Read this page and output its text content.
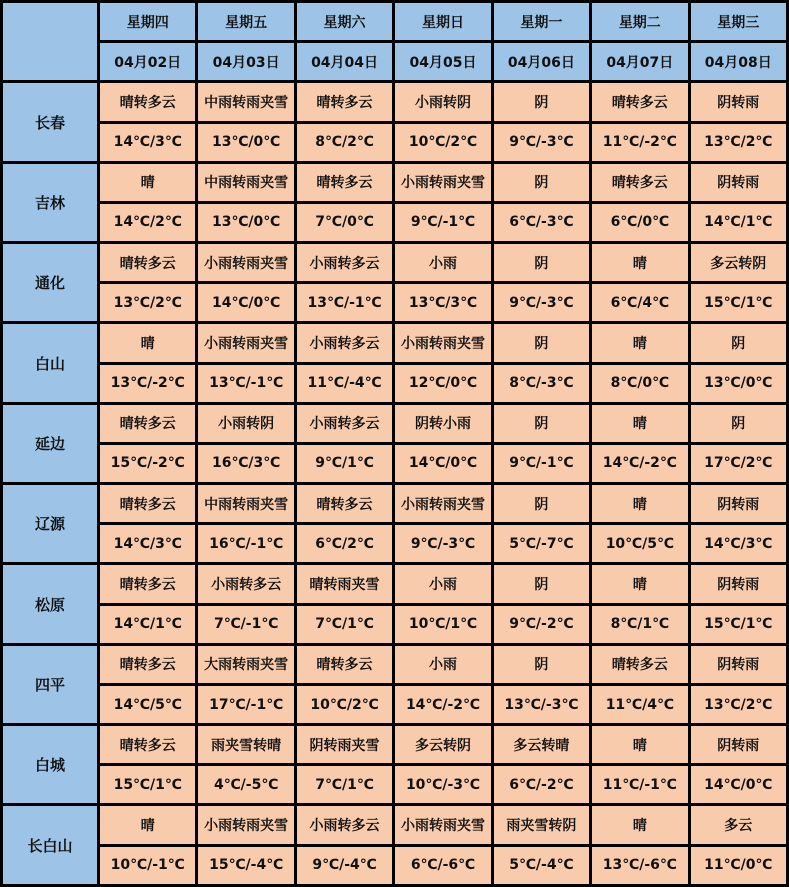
	星期四	星期五	星期六	星期日	星期一	星期二	星期三
	04月02日	04月03日	04月04日	04月05日	04月06日	04月07日	04月08日
长春	晴转多云	中雨转雨夹雪	晴转多云	小雨转阴	阴	晴转多云	阴转雨
	14℃/3℃	13℃/0℃	8℃/2℃	10℃/2℃	9℃/-3℃	11℃/-2℃	13℃/2℃
吉林	晴	中雨转雨夹雪	晴转多云	小雨转雨夹雪	阴	晴转多云	阴转雨
	14℃/2℃	13℃/0℃	7℃/0℃	9℃/-1℃	6℃/-3℃	6℃/0℃	14℃/1℃
通化	晴转多云	小雨转雨夹雪	小雨转多云	小雨	阴	晴	多云转阴
	13℃/2℃	14℃/0℃	13℃/-1℃	13℃/3℃	9℃/-3℃	6℃/4℃	15℃/1℃
白山	晴	小雨转雨夹雪	小雨转多云	小雨转雨夹雪	阴	晴	阴
	13℃/-2℃	13℃/-1℃	11℃/-4℃	12℃/0℃	8℃/-3℃	8℃/0℃	13℃/0℃
延边	晴转多云	小雨转阴	小雨转多云	阴转小雨	阴	晴	阴
	15℃/-2℃	16℃/3℃	9℃/1℃	14℃/0℃	9℃/-1℃	14℃/-2℃	17℃/2℃
辽源	晴转多云	中雨转雨夹雪	晴转多云	小雨转雨夹雪	阴	晴	阴转雨
	14℃/3℃	16℃/-1℃	6℃/2℃	9℃/-3℃	5℃/-7℃	10℃/5℃	14℃/3℃
松原	晴转多云	小雨转多云	晴转雨夹雪	小雨	阴	晴	阴转雨
	14℃/1℃	7℃/-1℃	7℃/1℃	10℃/1℃	9℃/-2℃	8℃/1℃	15℃/1℃
四平	晴转多云	大雨转雨夹雪	晴转多云	小雨	阴	晴转多云	阴转雨
	14℃/5℃	17℃/-1℃	10℃/2℃	14℃/-2℃	13℃/-3℃	11℃/4℃	13℃/2℃
白城	晴转多云	雨夹雪转晴	阴转雨夹雪	多云转阴	多云转晴	晴	阴转雨
	15℃/1℃	4℃/-5℃	7℃/1℃	10℃/-3℃	6℃/-2℃	11℃/-1℃	14℃/0℃
长白山	晴	小雨转雨夹雪	小雨转多云	小雨转雨夹雪	雨夹雪转阴	晴	多云
	10℃/-1℃	15℃/-4℃	9℃/-4℃	6℃/-6℃	5℃/-4℃	13℃/-6℃	11℃/0℃
